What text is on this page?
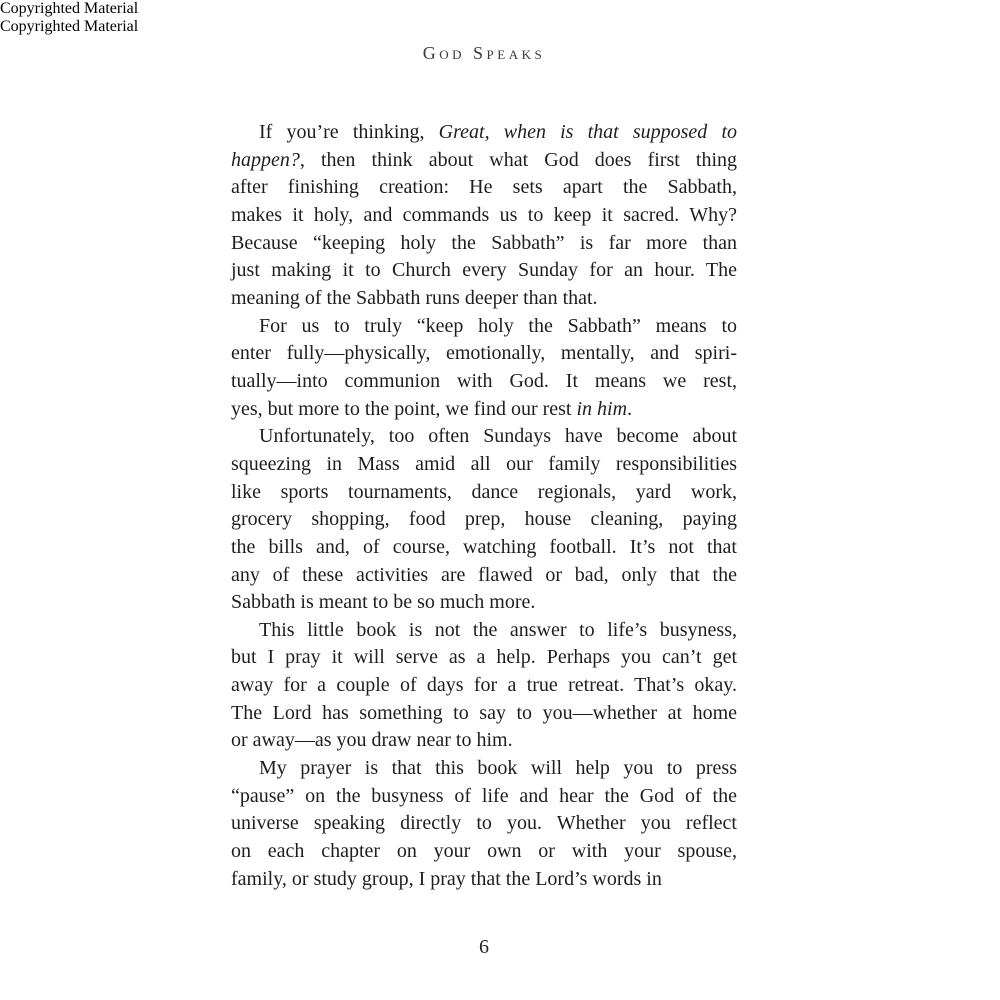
Copyrighted Material
God Speaks
If you’re thinking, Great, when is that supposed to
happen?, then think about what God does first thing
after finishing creation: He sets apart the Sabbath,
makes it holy, and commands us to keep it sacred. Why?
Because “keeping holy the Sabbath” is far more than
just making it to Church every Sunday for an hour. The
meaning of the Sabbath runs deeper than that.
For us to truly “keep holy the Sabbath” means to
enter fully—physically, emotionally, mentally, and spiri-
tually—into communion with God. It means we rest,
yes, but more to the point, we find our rest in him.
Unfortunately, too often Sundays have become about
squeezing in Mass amid all our family responsibilities
like sports tournaments, dance regionals, yard work,
grocery shopping, food prep, house cleaning, paying
the bills and, of course, watching football. It’s not that
any of these activities are flawed or bad, only that the
Sabbath is meant to be so much more.
This little book is not the answer to life’s busyness,
but I pray it will serve as a help. Perhaps you can’t get
away for a couple of days for a true retreat. That’s okay.
The Lord has something to say to you—whether at home
or away—as you draw near to him.
My prayer is that this book will help you to press
“pause” on the busyness of life and hear the God of the
universe speaking directly to you. Whether you reflect
on each chapter on your own or with your spouse,
family, or study group, I pray that the Lord’s words in
6
Copyrighted Material
